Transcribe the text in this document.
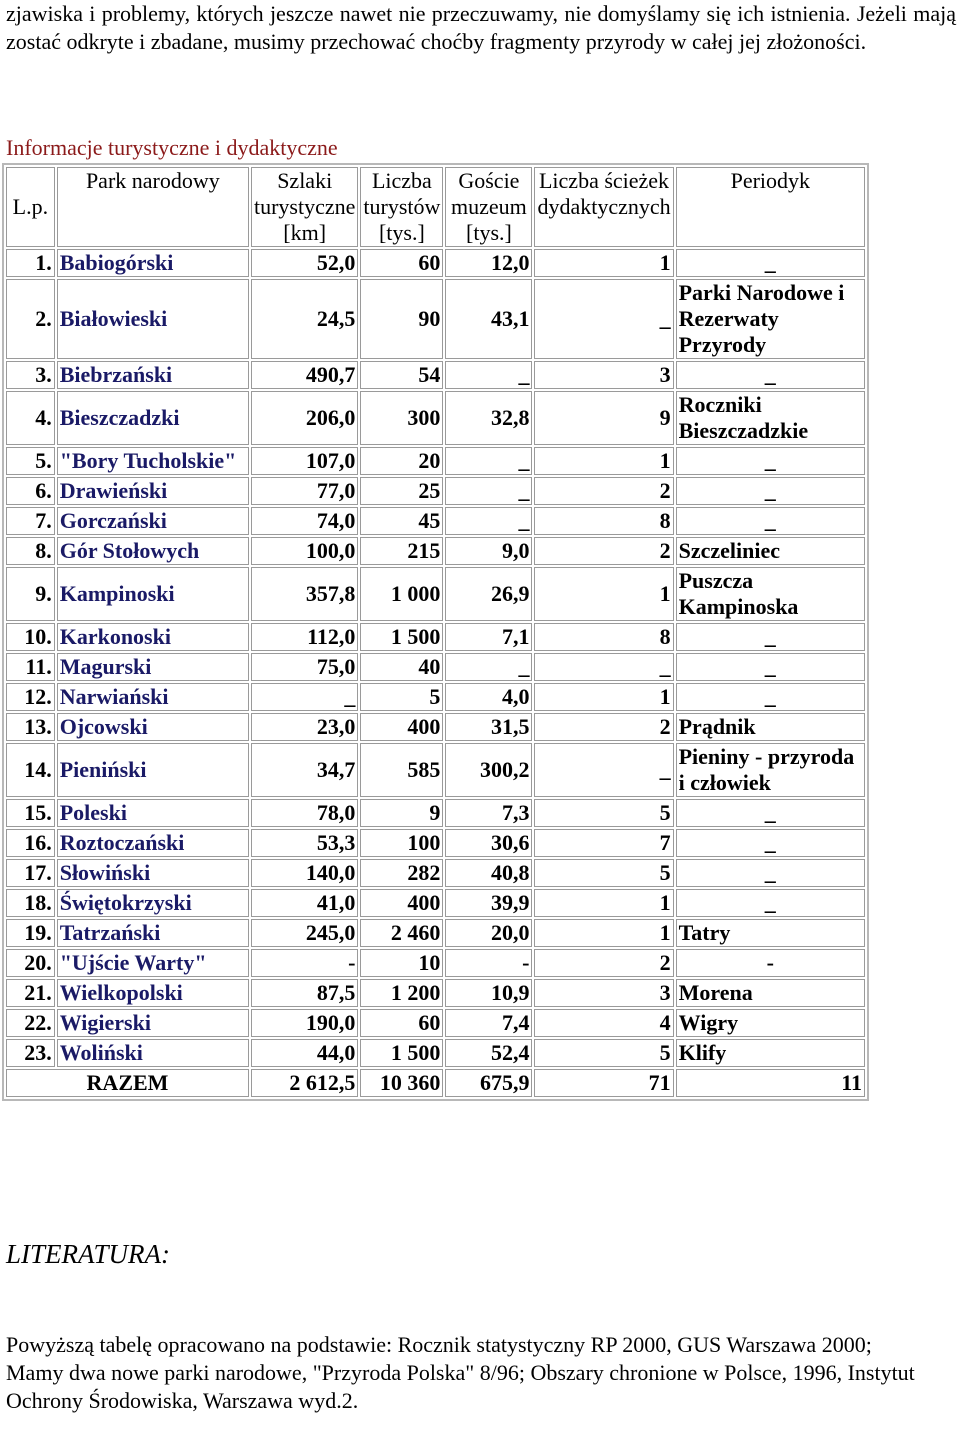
zjawiska i problemy, których jeszcze nawet nie przeczuwamy, nie domyślamy się ich istnienia. Jeżeli mają zostać odkryte i zbadane, musimy przechować choćby fragmenty przyrody w całej jej złożoności.

Informacje turystyczne i dydaktyczne
L.p.	Park narodowy	Szlaki turystyczne [km]	Liczba turystów [tys.]	Goście muzeum [tys.]	Liczba ścieżek dydaktycznych	Periodyk
1.	Babiogórski	52,0	60	12,0	1	_
2.	Białowieski	24,5	90	43,1	_	Parki Narodowe i Rezerwaty Przyrody
3.	Biebrzański	490,7	54	_	3	_
4.	Bieszczadzki	206,0	300	32,8	9	Roczniki Bieszczadzkie
5.	"Bory Tucholskie"	107,0	20	_	1	_
6.	Drawieński	77,0	25	_	2	_
7.	Gorczański	74,0	45	_	8	_
8.	Gór Stołowych	100,0	215	9,0	2	Szczeliniec
9.	Kampinoski	357,8	1 000	26,9	1	Puszcza Kampinoska
10.	Karkonoski	112,0	1 500	7,1	8	_
11.	Magurski	75,0	40	_	_	_
12.	Narwiański	_	5	4,0	1	_
13.	Ojcowski	23,0	400	31,5	2	Prądnik
14.	Pieniński	34,7	585	300,2	_	Pieniny - przyroda i człowiek
15.	Poleski	78,0	9	7,3	5	_
16.	Roztoczański	53,3	100	30,6	7	_
17.	Słowiński	140,0	282	40,8	5	_
18.	Świętokrzyski	41,0	400	39,9	1	_
19.	Tatrzański	245,0	2 460	20,0	1	Tatry
20.	"Ujście Warty"	-	10	-	2	-
21.	Wielkopolski	87,5	1 200	10,9	3	Morena
22.	Wigierski	190,0	60	7,4	4	Wigry
23.	Woliński	44,0	1 500	52,4	5	Klify
RAZEM		2 612,5	10 360	675,9	71	11
LITERATURA:

Powyższą tabelę opracowano na podstawie: Rocznik statystyczny RP 2000, GUS Warszawa 2000;

Mamy dwa nowe parki narodowe, "Przyroda Polska" 8/96; Obszary chronione w Polsce, 1996, Instytut Ochrony Środowiska, Warszawa wyd.2.
